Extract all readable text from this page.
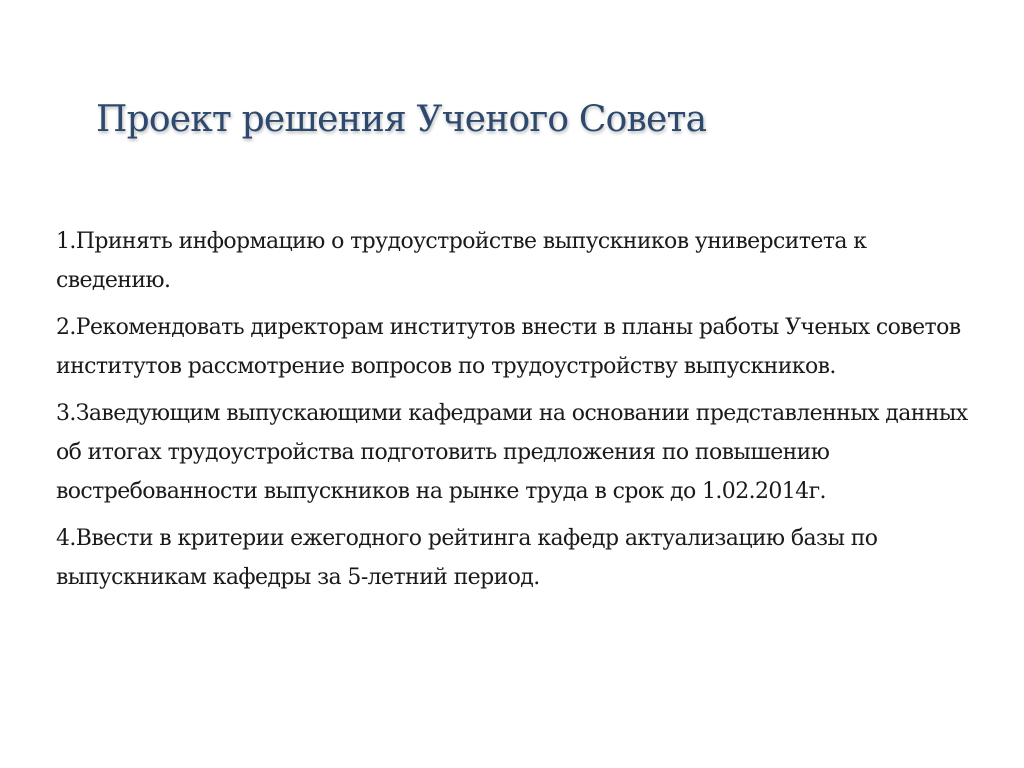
Проект решения Ученого Совета

1.Принять информацию о трудоустройстве выпускников университета к сведению.

2.Рекомендовать директорам институтов внести в планы работы Ученых советов институтов рассмотрение вопросов по трудоустройству выпускников.

3.Заведующим выпускающими кафедрами на основании представленных данных об итогах трудоустройства подготовить предложения по повышению востребованности выпускников на рынке труда в срок до 1.02.2014г.

4.Ввести в критерии ежегодного рейтинга кафедр актуализацию базы по выпускникам кафедры за 5-летний период.
